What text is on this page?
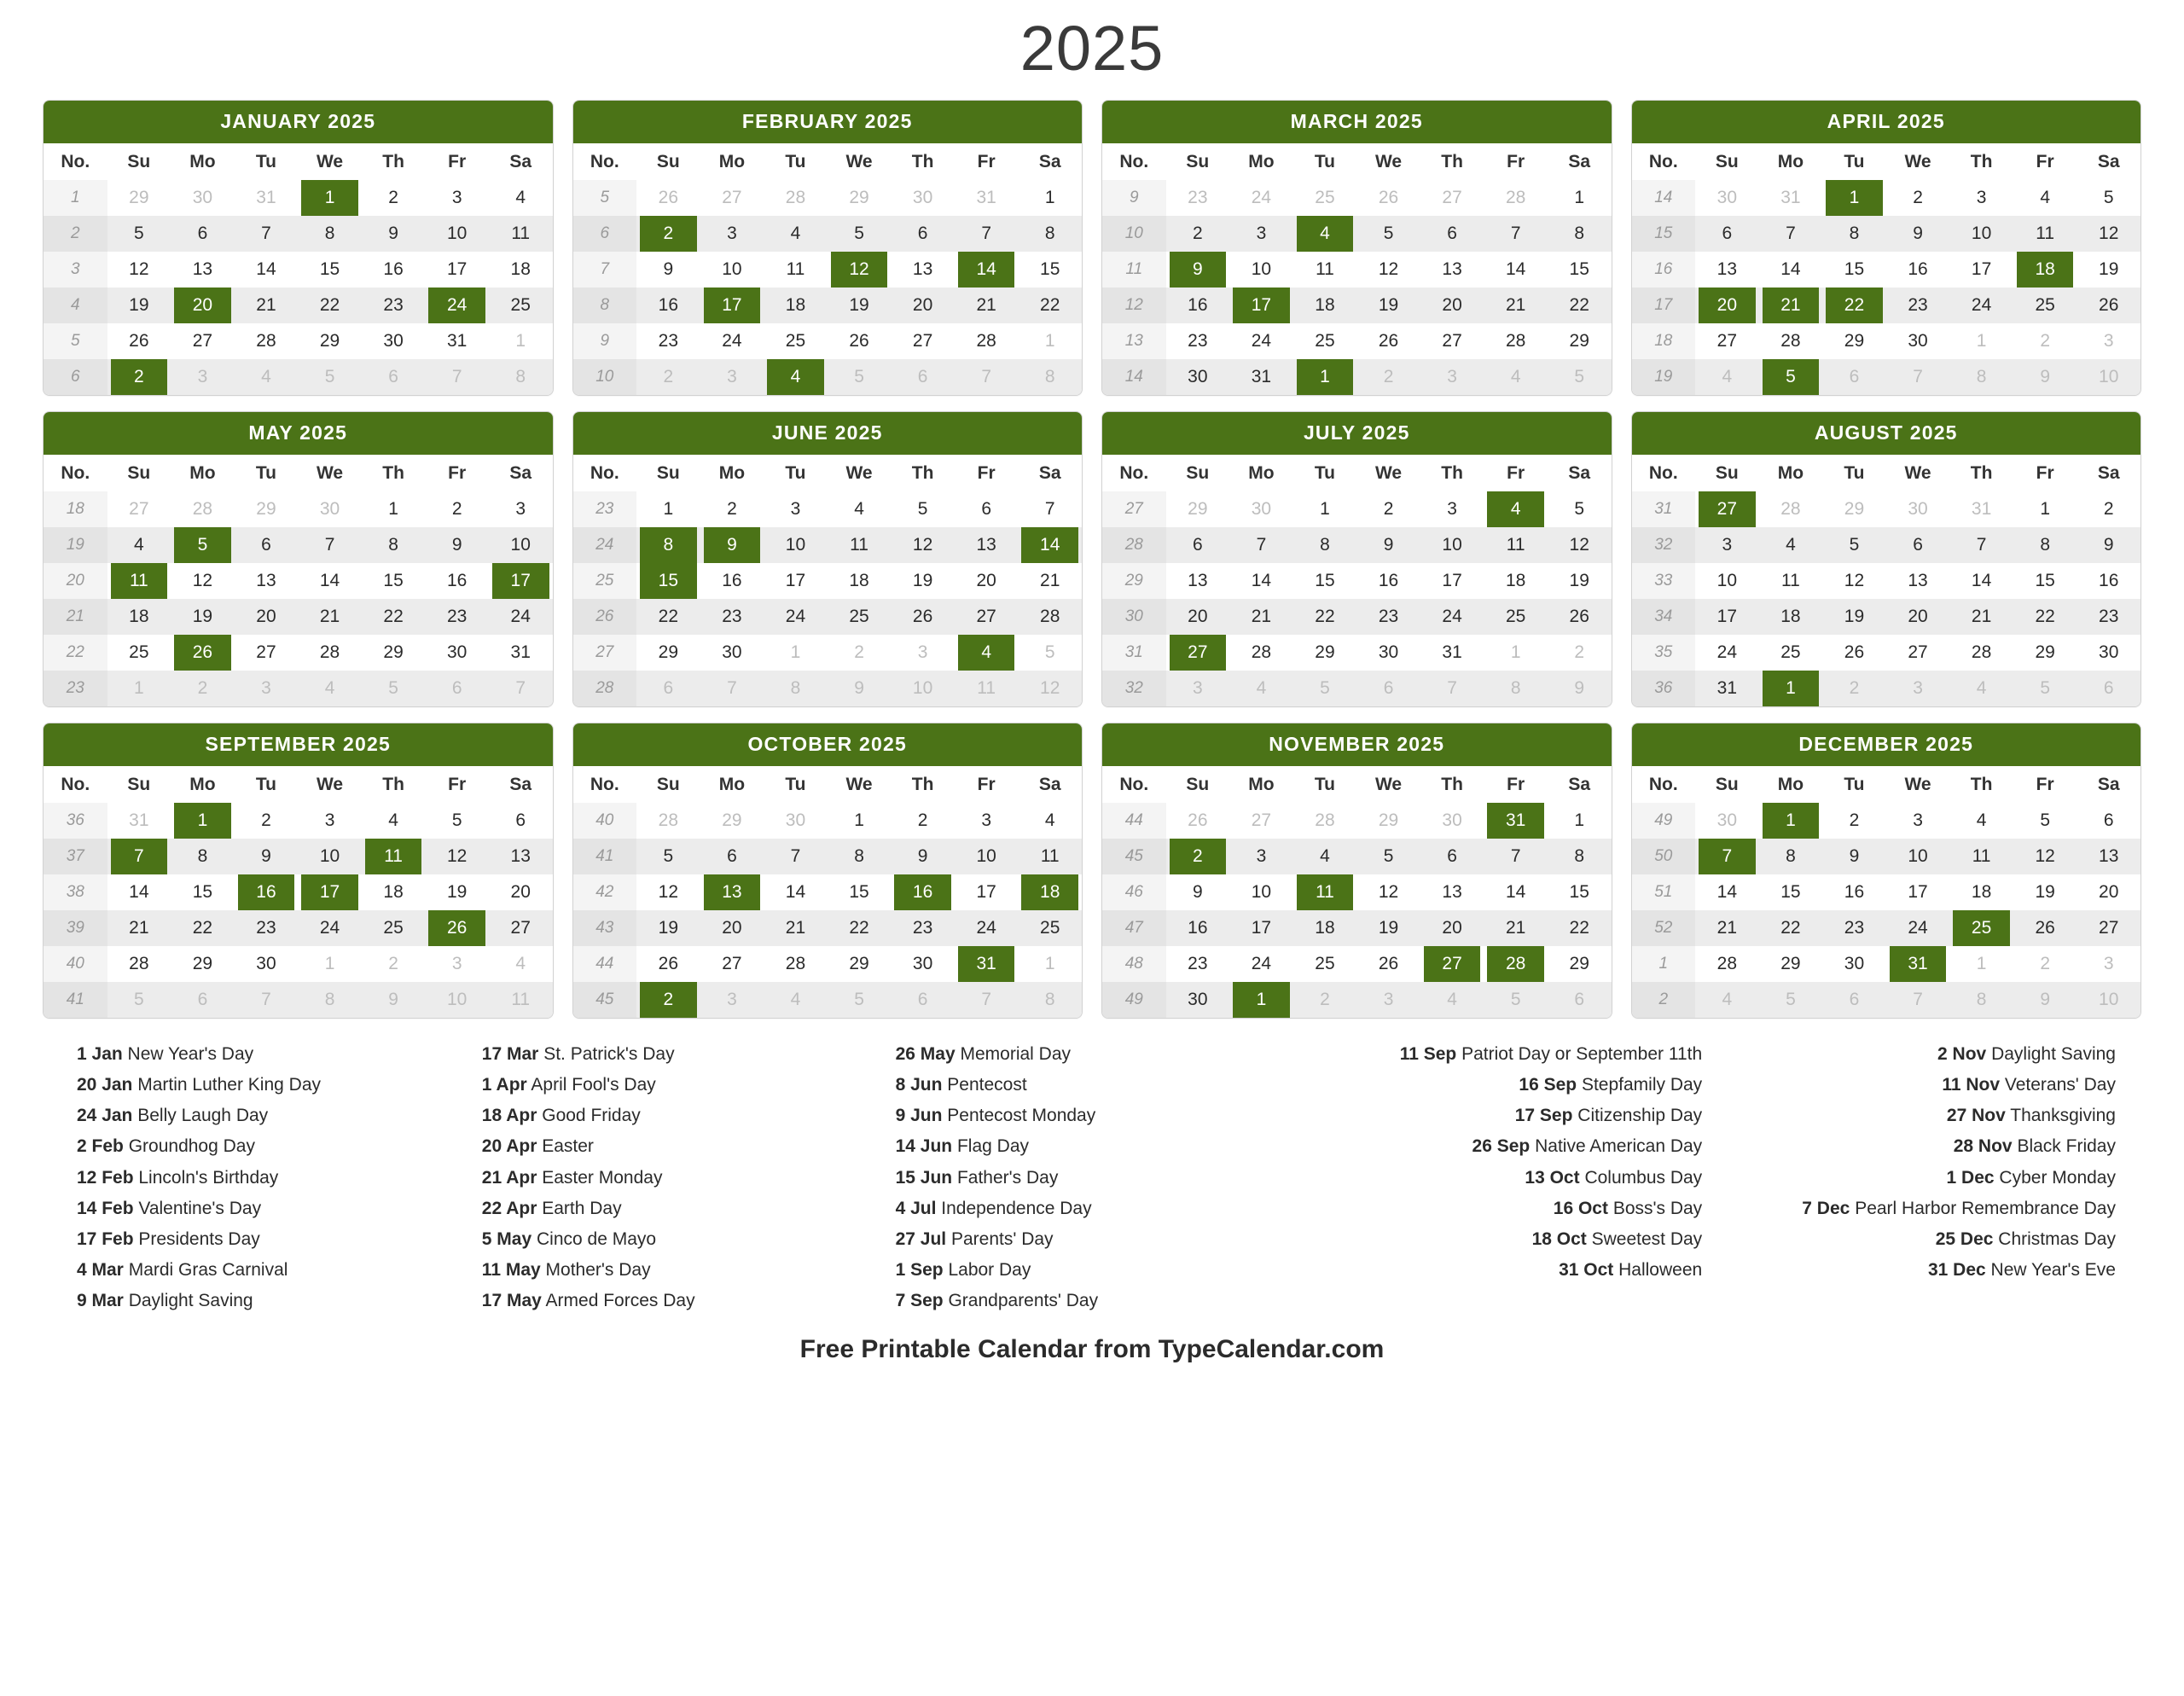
2025
JANUARY 2025
No.	Su	Mo	Tu	We	Th	Fr	Sa
1	29	30	31	1	2	3	4
2	5	6	7	8	9	10	11
3	12	13	14	15	16	17	18
4	19	20	21	22	23	24	25
5	26	27	28	29	30	31	1
6	2	3	4	5	6	7	8
FEBRUARY 2025
No.	Su	Mo	Tu	We	Th	Fr	Sa
5	26	27	28	29	30	31	1
6	2	3	4	5	6	7	8
7	9	10	11	12	13	14	15
8	16	17	18	19	20	21	22
9	23	24	25	26	27	28	1
10	2	3	4	5	6	7	8
MARCH 2025
No.	Su	Mo	Tu	We	Th	Fr	Sa
9	23	24	25	26	27	28	1
10	2	3	4	5	6	7	8
11	9	10	11	12	13	14	15
12	16	17	18	19	20	21	22
13	23	24	25	26	27	28	29
14	30	31	1	2	3	4	5
APRIL 2025
No.	Su	Mo	Tu	We	Th	Fr	Sa
14	30	31	1	2	3	4	5
15	6	7	8	9	10	11	12
16	13	14	15	16	17	18	19
17	20	21	22	23	24	25	26
18	27	28	29	30	1	2	3
19	4	5	6	7	8	9	10
MAY 2025
No.	Su	Mo	Tu	We	Th	Fr	Sa
18	27	28	29	30	1	2	3
19	4	5	6	7	8	9	10
20	11	12	13	14	15	16	17

21	18	19	20	21	22	23	24
22	25	26	27	28	29	30	31
23	1	2	3	4	5	6	7
JUNE 2025
No.	Su	Mo	Tu	We	Th	Fr	Sa
23	1	2	3	4	5	6	7
24	8	9	10	11	12	13	14

25	15	16	17	18	19	20	21
26	22	23	24	25	26	27	28
27	29	30	1	2	3	4	5
28	6	7	8	9	10	11	12
JULY 2025
No.	Su	Mo	Tu	We	Th	Fr	Sa
27	29	30	1	2	3	4	5
28	6	7	8	9	10	11	12
29	13	14	15	16	17	18	19
30	20	21	22	23	24	25	26
31	27	28	29	30	31	1	2
32	3	4	5	6	7	8	9
AUGUST 2025
No.	Su	Mo	Tu	We	Th	Fr	Sa
31	27	28	29	30	31	1	2
32	3	4	5	6	7	8	9
33	10	11	12	13	14	15	16
34	17	18	19	20	21	22	23
35	24	25	26	27	28	29	30
36	31	1	2	3	4	5	6
SEPTEMBER 2025
No.	Su	Mo	Tu	We	Th	Fr	Sa
36	31	1	2	3	4	5	6
37	7	8	9	10	11	12	13
38	14	15	16	17	18	19	20
39	21	22	23	24	25	26	27
40	28	29	30	1	2	3	4
41	5	6	7	8	9	10	11
OCTOBER 2025
No.	Su	Mo	Tu	We	Th	Fr	Sa
40	28	29	30	1	2	3	4
41	5	6	7	8	9	10	11
42	12	13	14	15	16	17	18

43	19	20	21	22	23	24	25
44	26	27	28	29	30	31	1
45	2	3	4	5	6	7	8
NOVEMBER 2025
No.	Su	Mo	Tu	We	Th	Fr	Sa
44	26	27	28	29	30	31	1
45	2	3	4	5	6	7	8
46	9	10	11	12	13	14	15
47	16	17	18	19	20	21	22
48	23	24	25	26	27	28	29
49	30	1	2	3	4	5	6
DECEMBER 2025
No.	Su	Mo	Tu	We	Th	Fr	Sa
49	30	1	2	3	4	5	6
50	7	8	9	10	11	12	13
51	14	15	16	17	18	19	20
52	21	22	23	24	25	26	27
1	28	29	30	31	1	2	3
2	4	5	6	7	8	9	10
1 Jan New Year's Day
20 Jan Martin Luther King Day
24 Jan Belly Laugh Day
2 Feb Groundhog Day
12 Feb Lincoln's Birthday
14 Feb Valentine's Day
17 Feb Presidents Day
4 Mar Mardi Gras Carnival
9 Mar Daylight Saving
17 Mar St. Patrick's Day
1 Apr April Fool's Day
18 Apr Good Friday
20 Apr Easter
21 Apr Easter Monday
22 Apr Earth Day
5 May Cinco de Mayo
11 May Mother's Day
17 May Armed Forces Day
26 May Memorial Day
8 Jun Pentecost
9 Jun Pentecost Monday
14 Jun Flag Day
15 Jun Father's Day
4 Jul Independence Day
27 Jul Parents' Day
1 Sep Labor Day
7 Sep Grandparents' Day
11 Sep Patriot Day or September 11th
16 Sep Stepfamily Day
17 Sep Citizenship Day
26 Sep Native American Day
13 Oct Columbus Day
16 Oct Boss's Day
18 Oct Sweetest Day
31 Oct Halloween
2 Nov Daylight Saving
11 Nov Veterans' Day
27 Nov Thanksgiving
28 Nov Black Friday
1 Dec Cyber Monday
7 Dec Pearl Harbor Remembrance Day
25 Dec Christmas Day
31 Dec New Year's Eve
Free Printable Calendar from TypeCalendar.com
